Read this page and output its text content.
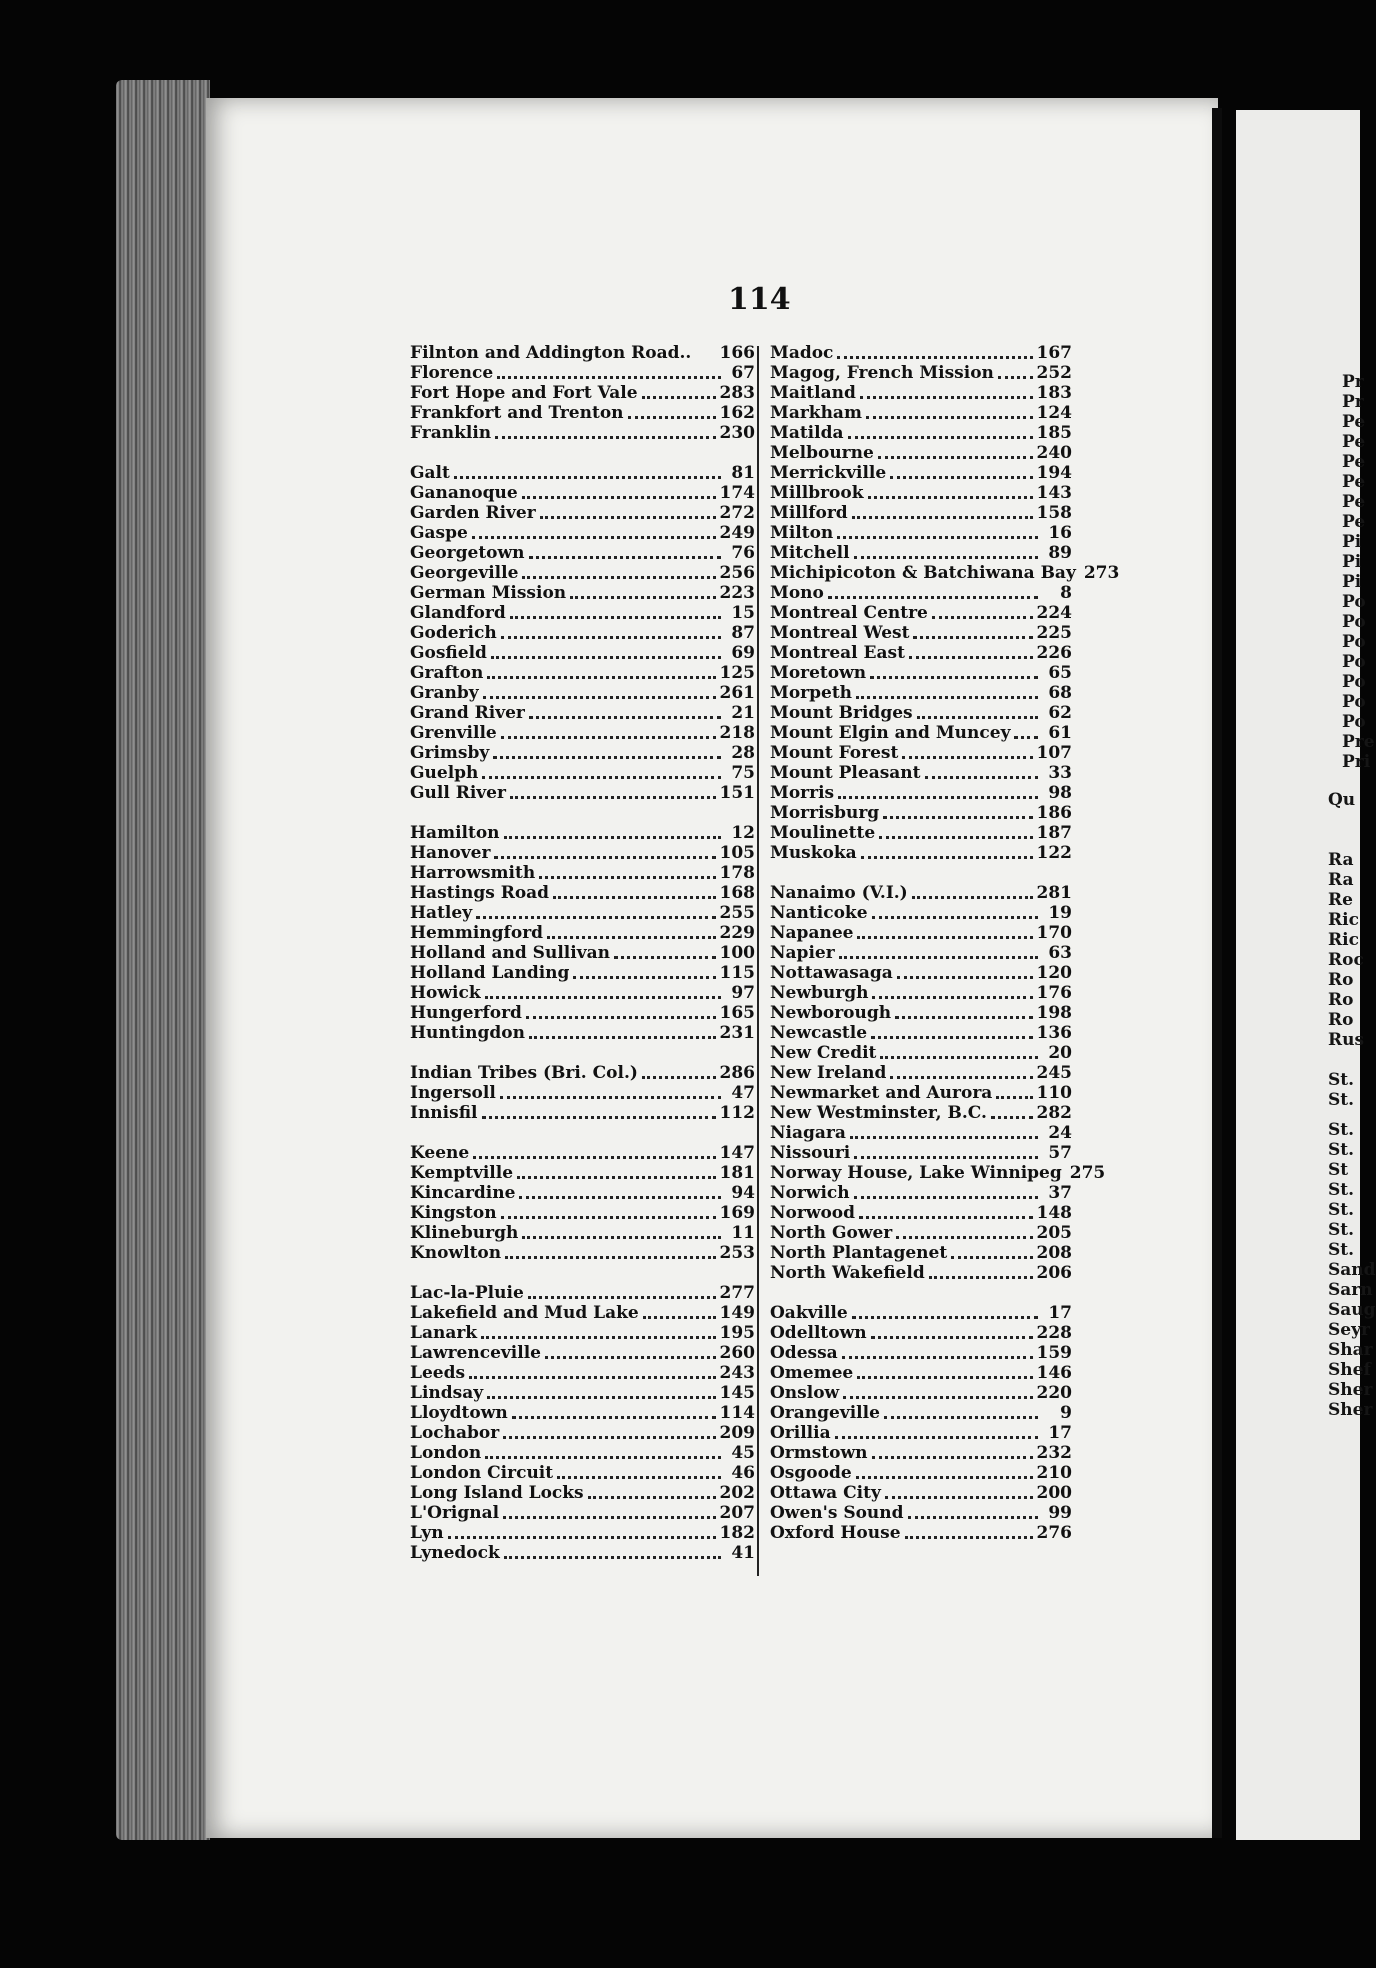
Pr
Pr
Pe
Pe
Pe
Pe
Pe
Pe
Pi
Pi
Pi
Po
Po
Po
Po
Po
Po
Po
Pre
Pri
Qu
Ra
Ra
Re
Ric
Ric
Roc
Ro
Ro
Ro
Rus
St.
St.
St.
St.
St
St.
St.
St.
St.
Sand
Sarn
Saug
Seyr
Shar
Shef
Sher
Sher
114
Filnton and Addington Road.. 166
Florence	67
Fort Hope and Fort Vale	283
Frankfort and Trenton	162
Franklin	230
Galt	81
Gananoque	174
Garden River	272
Gaspe	249
Georgetown	76
Georgeville	256
German Mission	223
Glandford	15
Goderich	87
Gosfield	69
Grafton	125
Granby	261
Grand River	21
Grenville	218
Grimsby	28
Guelph	75
Gull River	151
Hamilton	12
Hanover	105
Harrowsmith	178
Hastings Road	168
Hatley	255
Hemmingford	229
Holland and Sullivan	100
Holland Landing	115
Howick	97
Hungerford	165
Huntingdon	231
Indian Tribes (Bri. Col.)	286
Ingersoll	47
Innisfil	112
Keene	147
Kemptville	181
Kincardine	94
Kingston	169
Klineburgh	11
Knowlton	253
Lac-la-Pluie	277
Lakefield and Mud Lake	149
Lanark	195
Lawrenceville	260
Leeds	243
Lindsay	145
Lloydtown	114
Lochabor	209
London	45
London Circuit	46
Long Island Locks	202
L'Orignal	207
Lyn	182
Lynedock	41
Madoc	167
Magog, French Mission	252
Maitland	183
Markham	124
Matilda	185
Melbourne	240
Merrickville	194
Millbrook	143
Millford	158
Milton	16
Mitchell	89
Michipicoton & Batchiwana Bay 273
Mono	8
Montreal Centre	224
Montreal West	225
Montreal East	226
Moretown	65
Morpeth	68
Mount Bridges	62
Mount Elgin and Muncey	61
Mount Forest	107
Mount Pleasant	33
Morris	98
Morrisburg	186
Moulinette	187
Muskoka	122
Nanaimo (V.I.)	281
Nanticoke	19
Napanee	170
Napier	63
Nottawasaga	120
Newburgh	176
Newborough	198
Newcastle	136
New Credit	20
New Ireland	245
Newmarket and Aurora	110
New Westminster, B.C.	282
Niagara	24
Nissouri	57
Norway House, Lake Winnipeg 275
Norwich	37
Norwood	148
North Gower	205
North Plantagenet	208
North Wakefield	206
Oakville	17
Odelltown	228
Odessa	159
Omemee	146
Onslow	220
Orangeville	9
Orillia	17
Ormstown	232
Osgoode	210
Ottawa City	200
Owen's Sound	99
Oxford House	276
